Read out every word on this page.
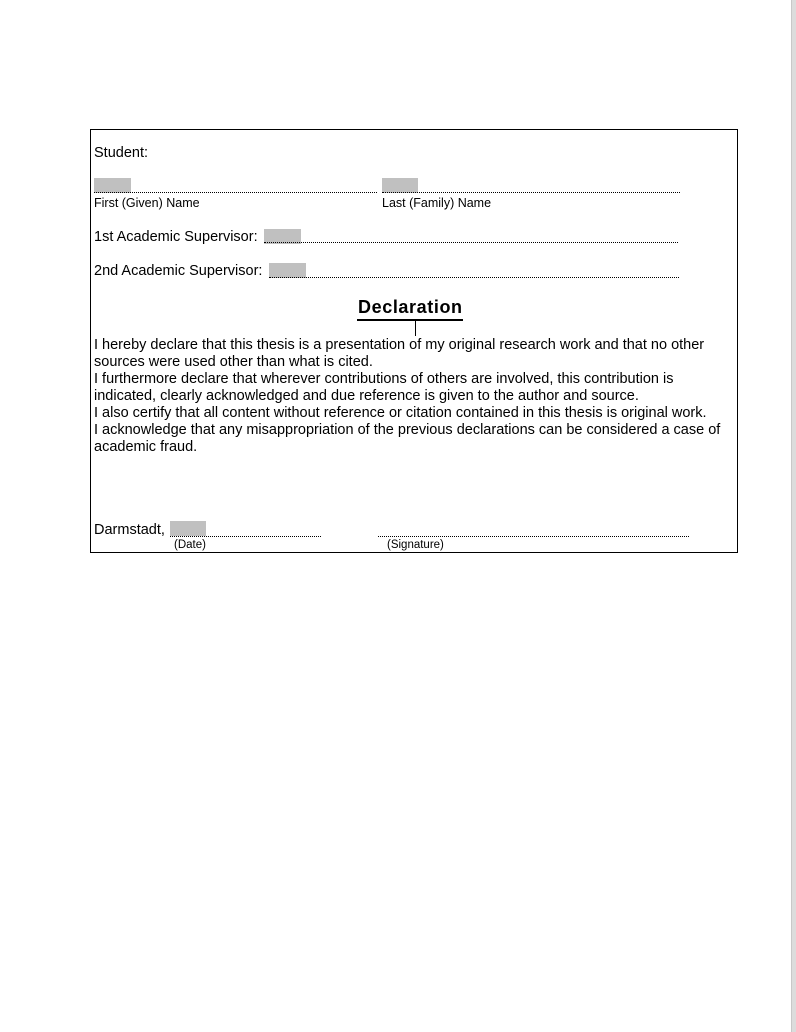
Student:
First (Given) Name	Last (Family) Name
1st Academic Supervisor:
2nd Academic Supervisor:
Declaration

I hereby declare that this thesis is a presentation of my original research work and that no other sources were used other than what is cited.

I furthermore declare that wherever contributions of others are involved, this contribution is indicated, clearly acknowledged and due reference is given to the author and source.

I also certify that all content without reference or citation contained in this thesis is original work.

I acknowledge that any misappropriation of the previous declarations can be considered a case of academic fraud.

Darmstadt,
(Date)	(Signature)
